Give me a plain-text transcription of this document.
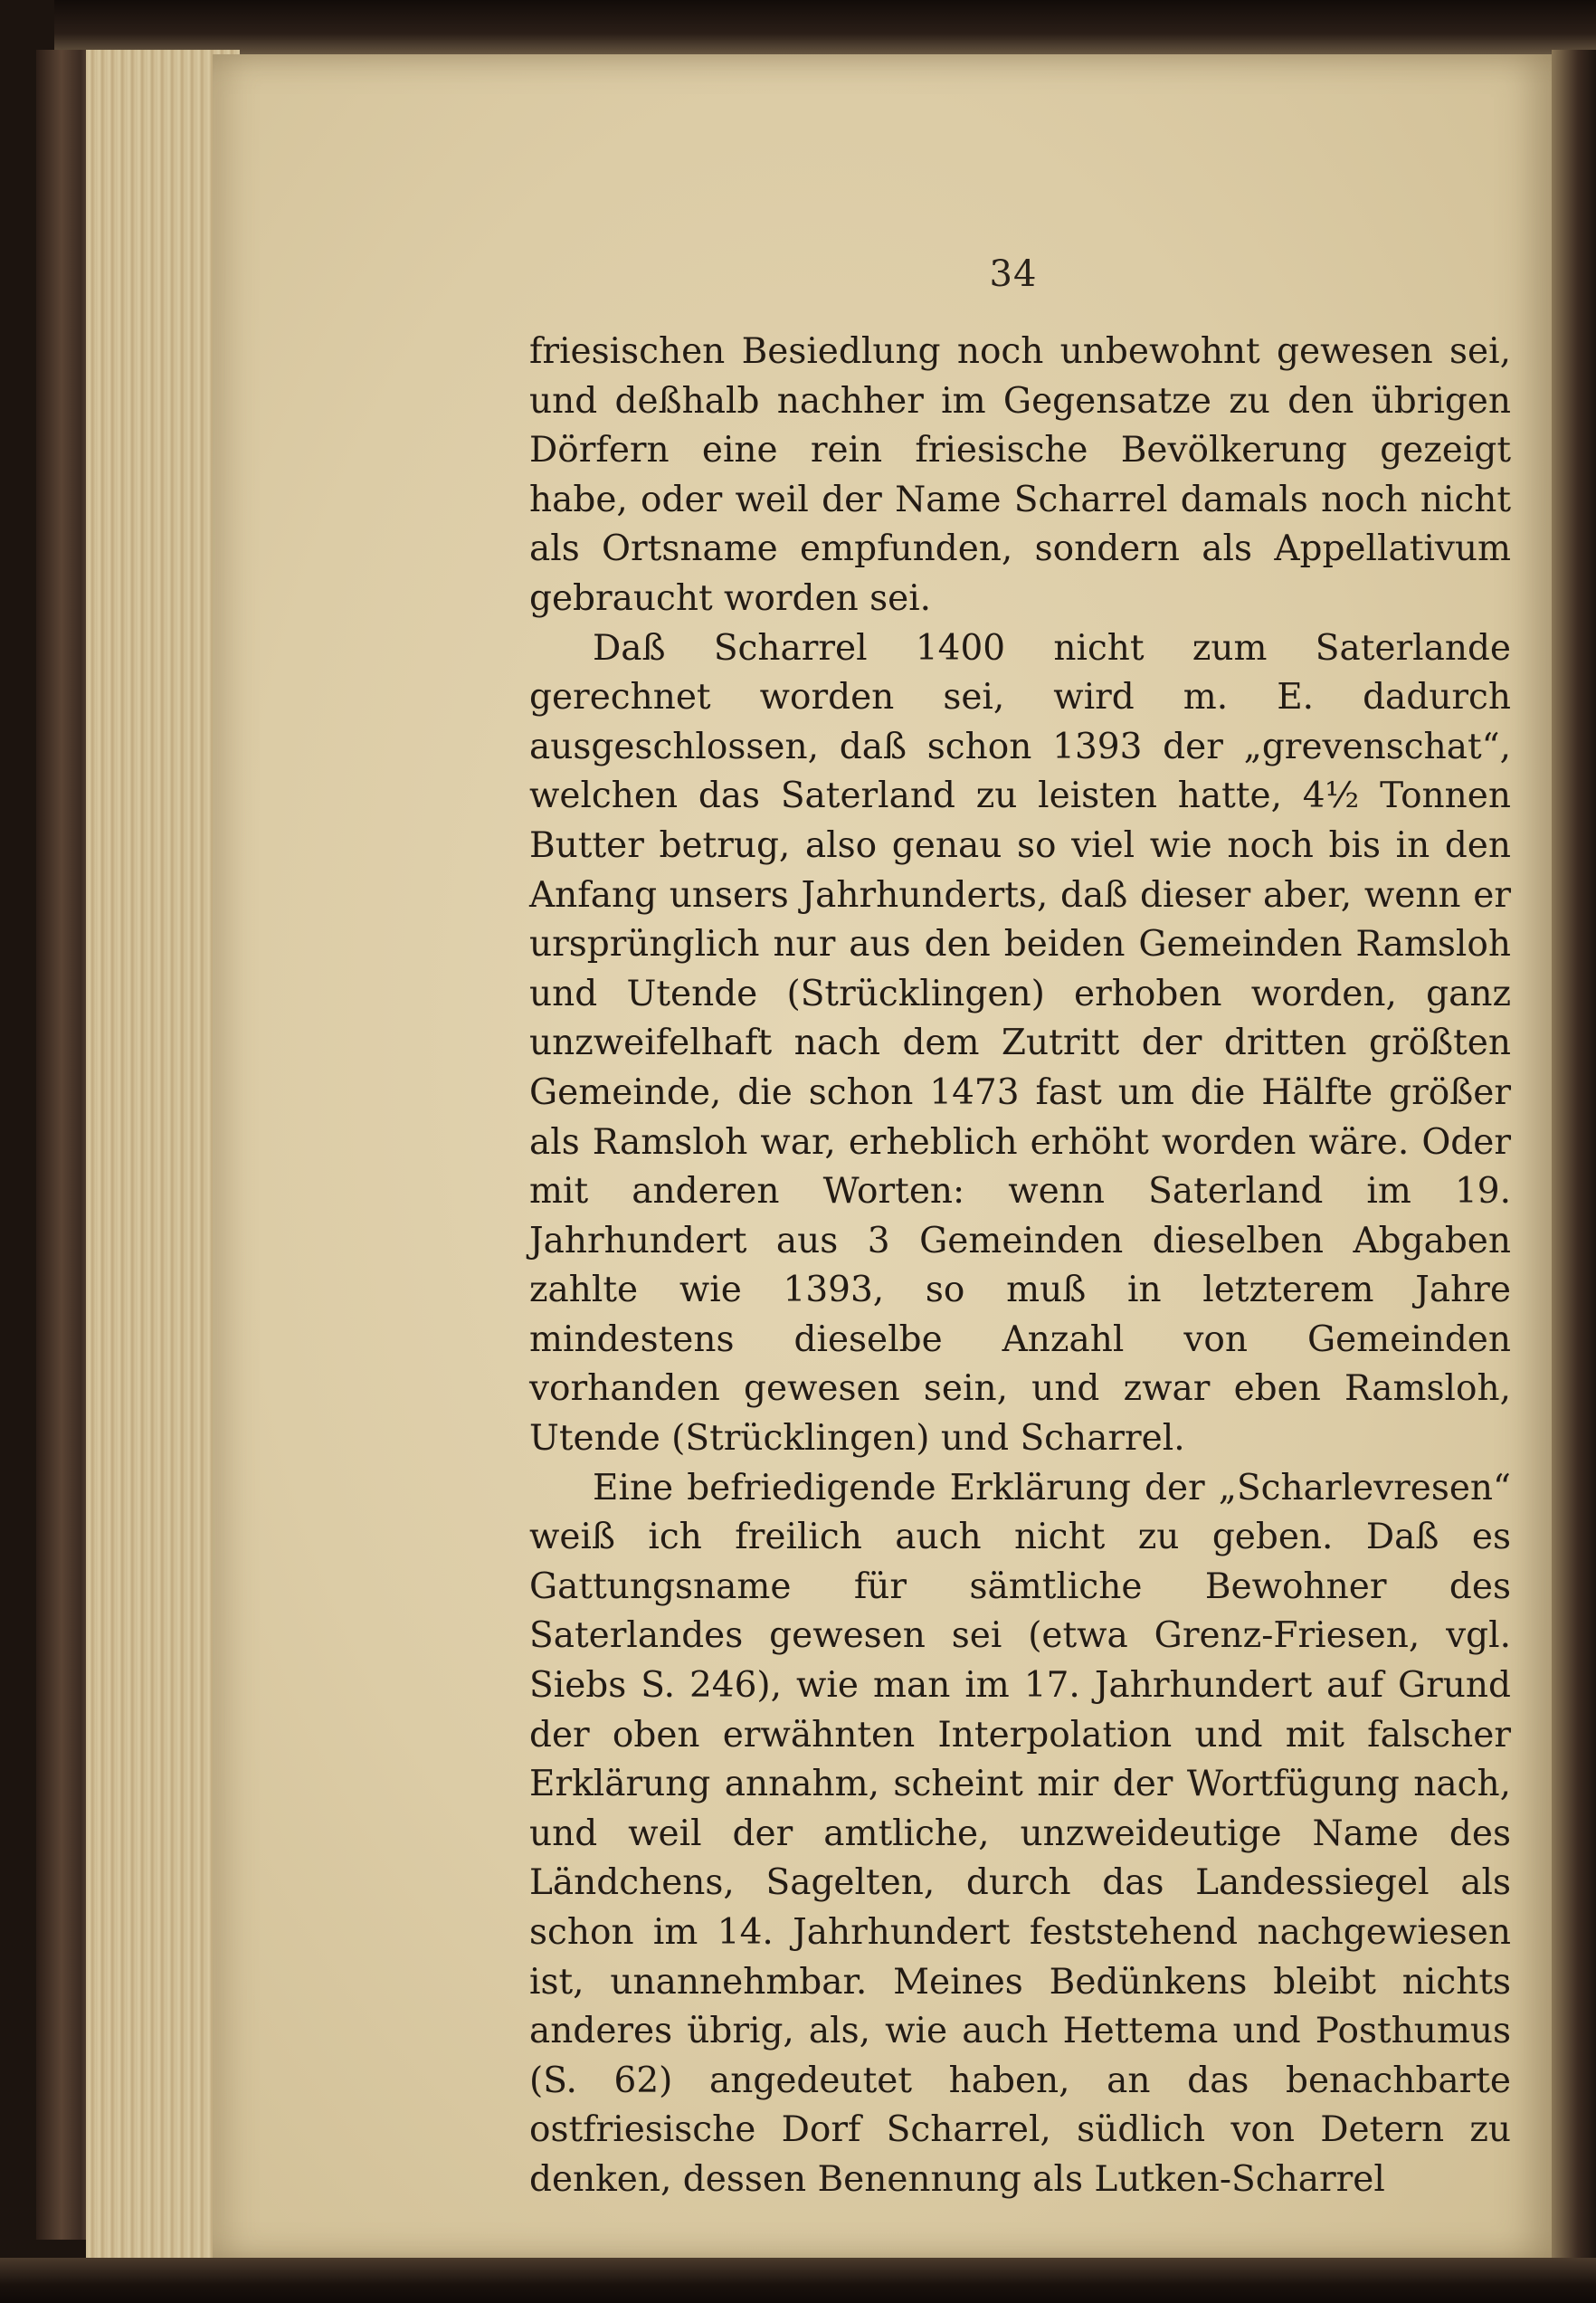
34

friesischen Besiedlung noch unbewohnt gewesen sei, und deßhalb nachher im Gegensatze zu den übrigen Dörfern eine rein friesische Bevölkerung gezeigt habe, oder weil der Name Scharrel damals noch nicht als Ortsname empfunden, sondern als Appellativum gebraucht worden sei.

Daß Scharrel 1400 nicht zum Saterlande gerechnet worden sei, wird m. E. dadurch ausgeschlossen, daß schon 1393 der „grevenschat“, welchen das Saterland zu leisten hatte, 4½ Tonnen Butter betrug, also genau so viel wie noch bis in den Anfang unsers Jahrhunderts, daß dieser aber, wenn er ursprünglich nur aus den beiden Gemeinden Ramsloh und Utende (Strücklingen) erhoben worden, ganz unzweifelhaft nach dem Zutritt der dritten größten Gemeinde, die schon 1473 fast um die Hälfte größer als Ramsloh war, erheblich erhöht worden wäre. Oder mit anderen Worten: wenn Saterland im 19. Jahrhundert aus 3 Gemeinden dieselben Abgaben zahlte wie 1393, so muß in letzterem Jahre mindestens dieselbe Anzahl von Gemeinden vorhanden gewesen sein, und zwar eben Ramsloh, Utende (Strücklingen) und Scharrel.

Eine befriedigende Erklärung der „Scharlevresen“ weiß ich freilich auch nicht zu geben. Daß es Gattungsname für sämtliche Bewohner des Saterlandes gewesen sei (etwa Grenz-Friesen, vgl. Siebs S. 246), wie man im 17. Jahrhundert auf Grund der oben erwähnten Interpolation und mit falscher Erklärung annahm, scheint mir der Wortfügung nach, und weil der amtliche, unzweideutige Name des Ländchens, Sagelten, durch das Landessiegel als schon im 14. Jahrhundert feststehend nachgewiesen ist, unannehmbar. Meines Bedünkens bleibt nichts anderes übrig, als, wie auch Hettema und Posthumus (S. 62) angedeutet haben, an das benachbarte ostfriesische Dorf Scharrel, südlich von Detern zu denken, dessen Benennung als Lutken-Scharrel
